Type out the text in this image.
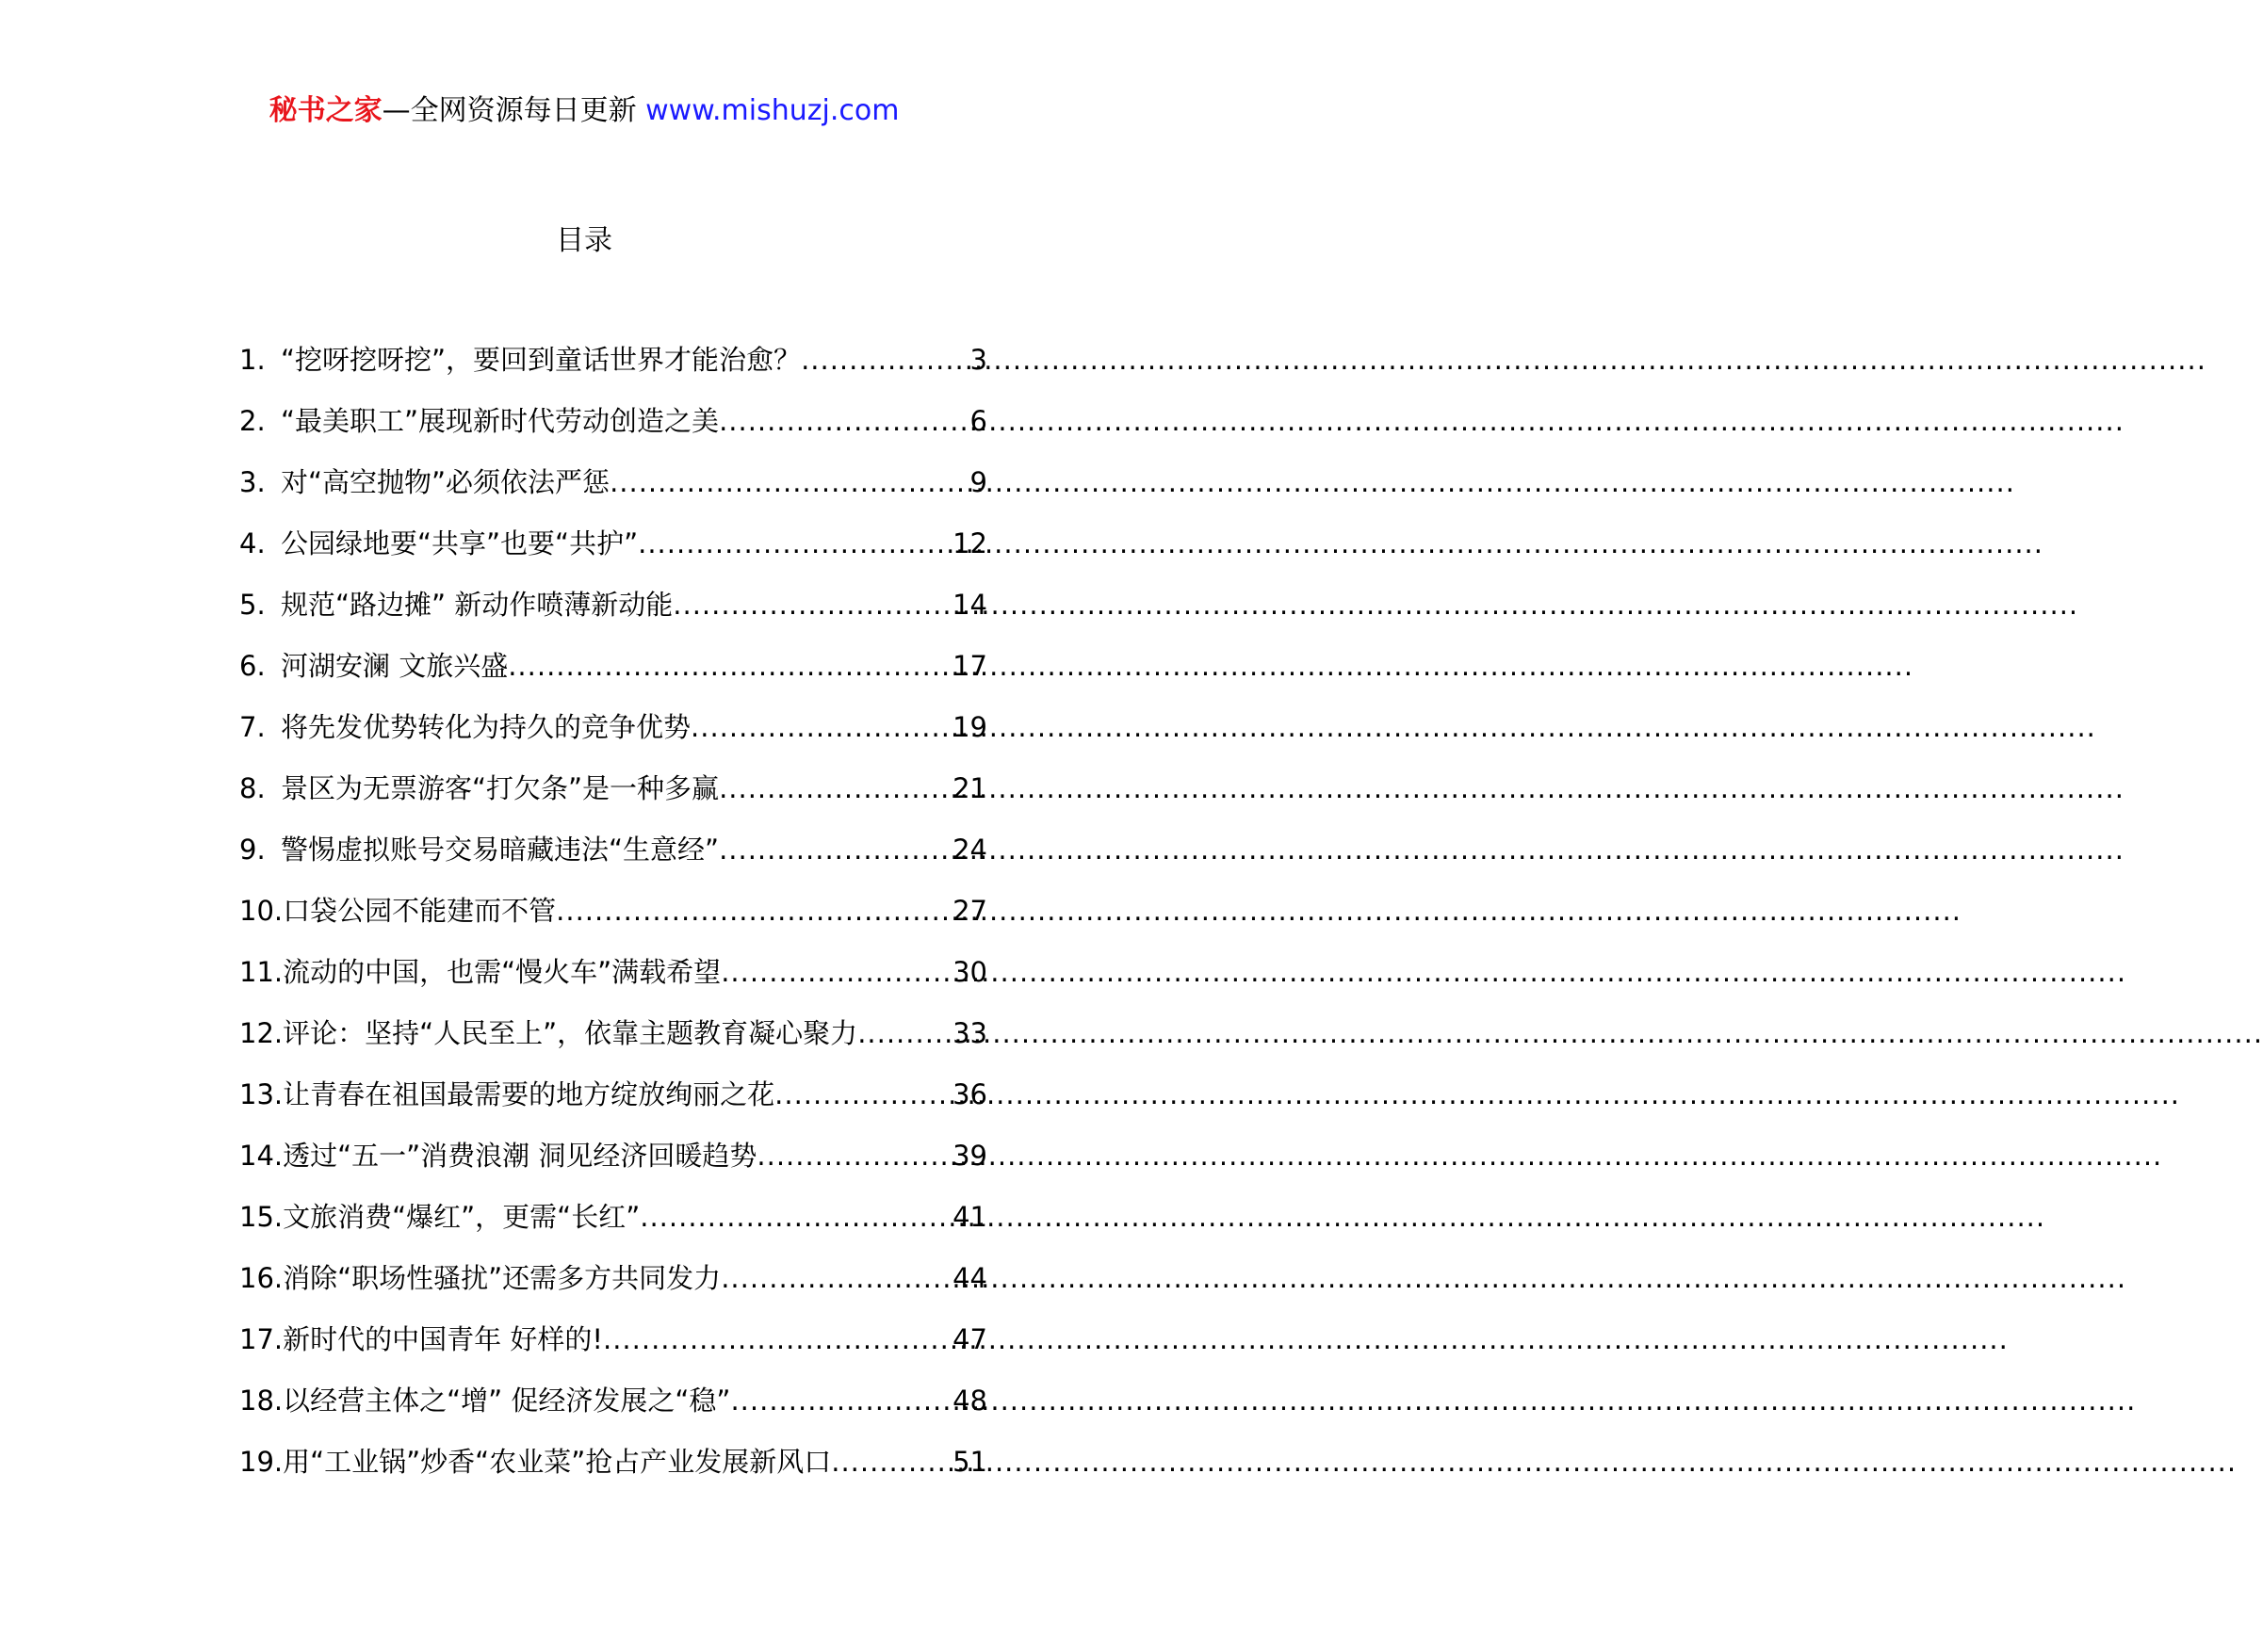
秘书之家—全网资源每日更新 www.mishuzj.com
目录
1. “挖呀挖呀挖”，要回到童话世界才能治愈？ .....	3
2. “最美职工”展现新时代劳动创造之美 .....	6
3. 对“高空抛物”必须依法严惩 .....	9
4. 公园绿地要“共享”也要“共护” .....	12
5. 规范“路边摊” 新动作喷薄新动能 .....	14
6. 河湖安澜 文旅兴盛 .....	17
7. 将先发优势转化为持久的竞争优势 .....	19
8. 景区为无票游客“打欠条”是一种多赢 .....	21
9. 警惕虚拟账号交易暗藏违法“生意经” .....	24
10. 口袋公园不能建而不管 .....	27
11. 流动的中国，也需“慢火车”满载希望 .....	30
12. 评论：坚持“人民至上”，依靠主题教育凝心聚力 .....	33
13. 让青春在祖国最需要的地方绽放绚丽之花 .....	36
14. 透过“五一”消费浪潮 洞见经济回暖趋势 .....	39
15. 文旅消费“爆红”，更需“长红” .....	41
16. 消除“职场性骚扰”还需多方共同发力 .....	44
17. 新时代的中国青年 好样的! .....	47
18. 以经营主体之“增” 促经济发展之“稳” .....	48
19. 用“工业锅”炒香“农业菜”抢占产业发展新风口 .....	51
